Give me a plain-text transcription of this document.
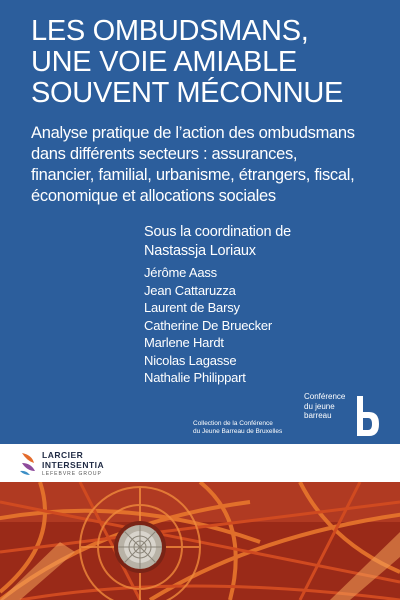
LES OMBUDSMANS,
UNE VOIE AMIABLE
SOUVENT MÉCONNUE
Analyse pratique de l’action des ombudsmans
dans différents secteurs : assurances,
financier, familial, urbanisme, étrangers, fiscal,
économique et allocations sociales
Sous la coordination de
Nastassja Loriaux
Jérôme Aass
Jean Cattaruzza
Laurent de Barsy
Catherine De Bruecker
Marlene Hardt
Nicolas Lagasse
Nathalie Philippart
Collection de la Conférence
du Jeune Barreau de Bruxelles
Conférence
du jeune
barreau
LARCIER
INTERSENTIA
LEFEBVRE GROUP
